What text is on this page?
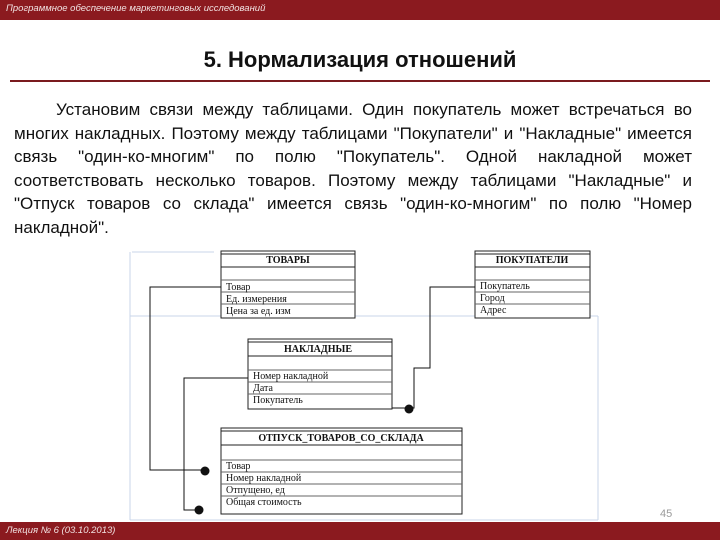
Программное обеспечение маркетинговых исследований
5. Нормализация отношений

Установим связи между таблицами. Один покупатель может встречаться во многих накладных. Поэтому между таблицами "Покупатели" и "Накладные" имеется связь "один-ко-многим" по полю "Покупатель". Одной накладной может соответствовать несколько товаров. Поэтому между таблицами "Накладные" и "Отпуск товаров со склада" имеется связь "один-ко-многим" по полю "Номер накладной".

ТОВАРЫ
Товар
Ед. измерения
Цена за ед. изм
ПОКУПАТЕЛИ
Покупатель
Город
Адрес
НАКЛАДНЫЕ
Номер накладной
Дата
Покупатель
ОТПУСК_ТОВАРОВ_СО_СКЛАДА
Товар
Номер накладной
Отпущено, ед
Общая стоимость
45
Лекция № 6 (03.10.2013)
